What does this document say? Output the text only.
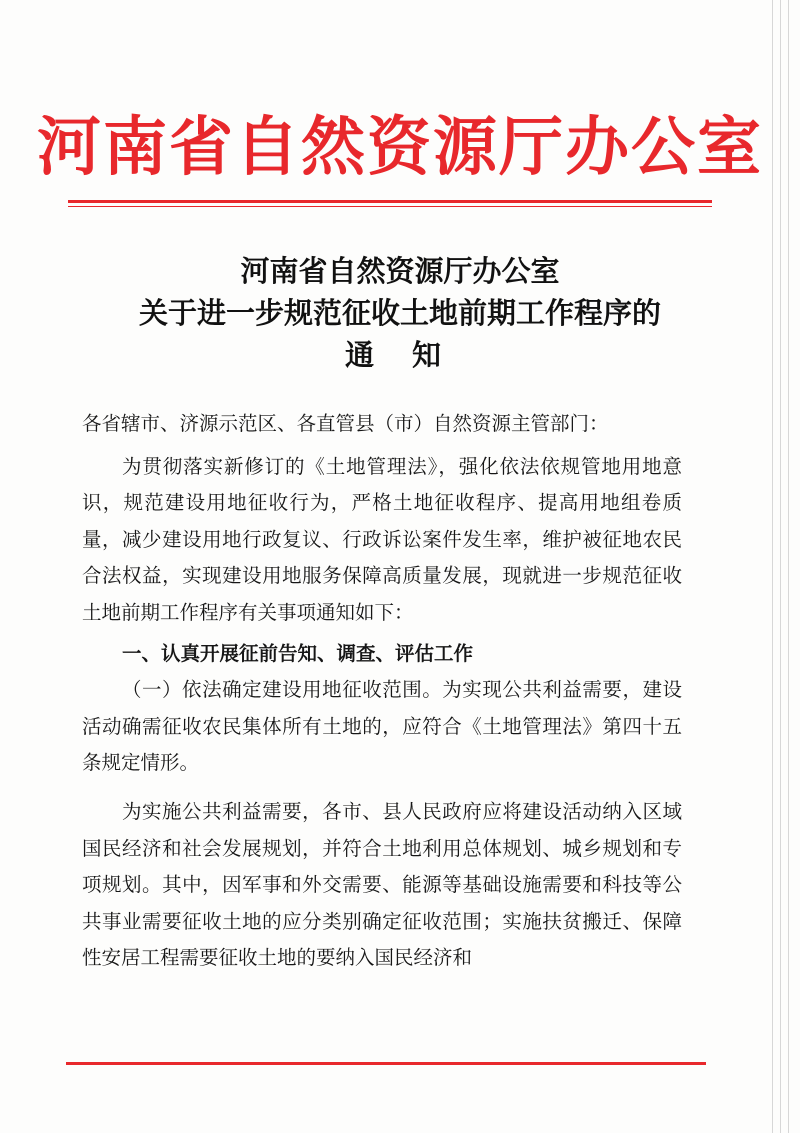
河南省自然资源厅办公室
河南省自然资源厅办公室
关于进一步规范征收土地前期工作程序的
通 知

各省辖市、济源示范区、各直管县（市）自然资源主管部门：

为贯彻落实新修订的《土地管理法》，强化依法依规管地用地意识，规范建设用地征收行为，严格土地征收程序、提高用地组卷质量，减少建设用地行政复议、行政诉讼案件发生率，维护被征地农民合法权益，实现建设用地服务保障高质量发展，现就进一步规范征收土地前期工作程序有关事项通知如下：

一、认真开展征前告知、调查、评估工作

（一）依法确定建设用地征收范围。为实现公共利益需要，建设活动确需征收农民集体所有土地的，应符合《土地管理法》第四十五条规定情形。

为实施公共利益需要，各市、县人民政府应将建设活动纳入区域国民经济和社会发展规划，并符合土地利用总体规划、城乡规划和专项规划。其中，因军事和外交需要、能源等基础设施需要和科技等公共事业需要征收土地的应分类别确定征收范围；实施扶贫搬迁、保障性安居工程需要征收土地的要纳入国民经济和
